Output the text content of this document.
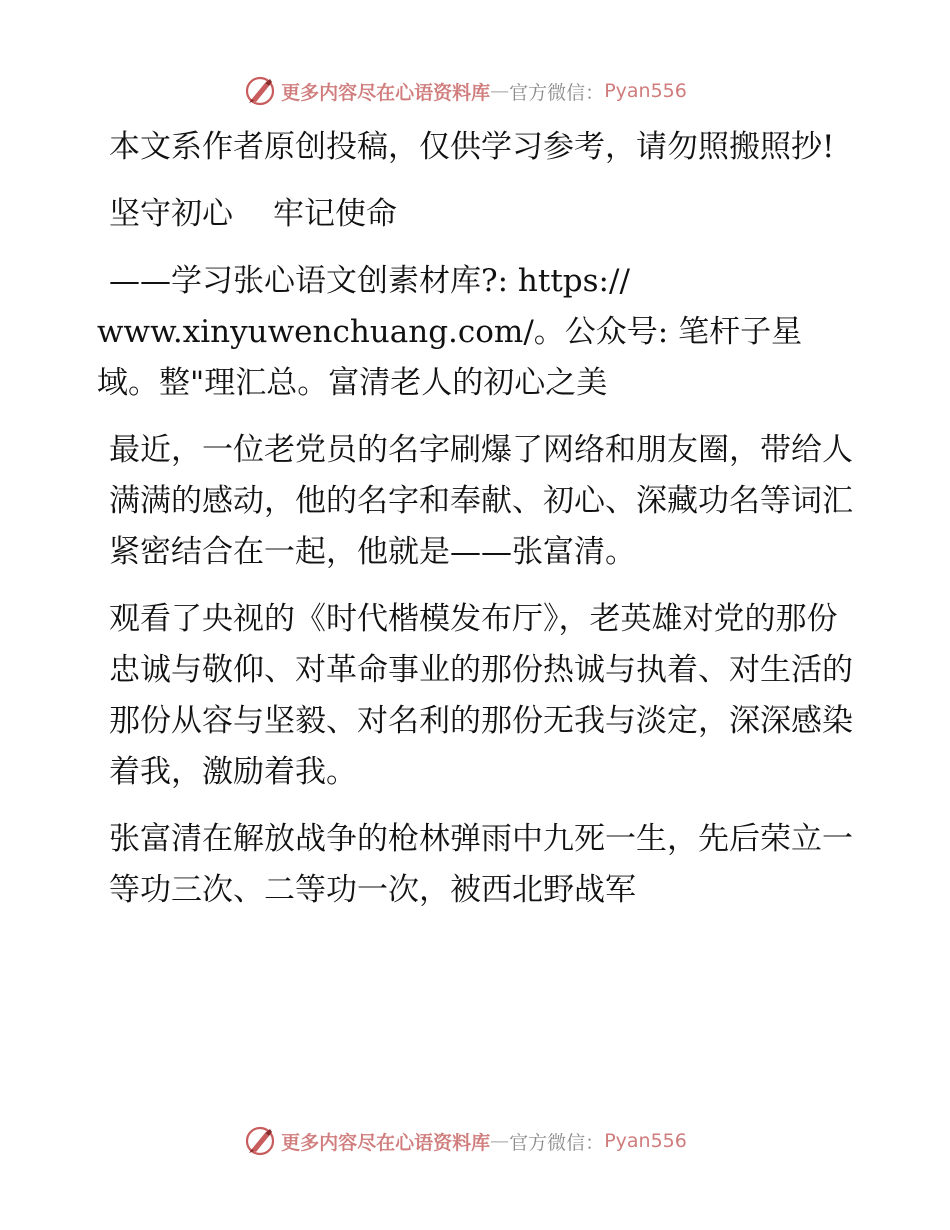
更多内容尽在心语资料库 — 官方微信： Pyan556

本文系作者原创投稿，仅供学习参考，请勿照搬照抄!

坚守初心 牢记使命

——学习张心语文创素材库?: https://
www.xinyuwenchuang.com/。公众号: 笔杆子星
域。整"理汇总。富清老人的初心之美

最近，一位老党员的名字刷爆了网络和朋友圈，带给人满满的感动，他的名字和奉献、初心、深藏功名等词汇紧密结合在一起，他就是——张富清。

观看了央视的《时代楷模发布厅》，老英雄对党的那份忠诚与敬仰、对革命事业的那份热诚与执着、对生活的那份从容与坚毅、对名利的那份无我与淡定，深深感染着我，激励着我。

张富清在解放战争的枪林弹雨中九死一生，先后荣立一等功三次、二等功一次，被西北野战军

更多内容尽在心语资料库 — 官方微信： Pyan556
